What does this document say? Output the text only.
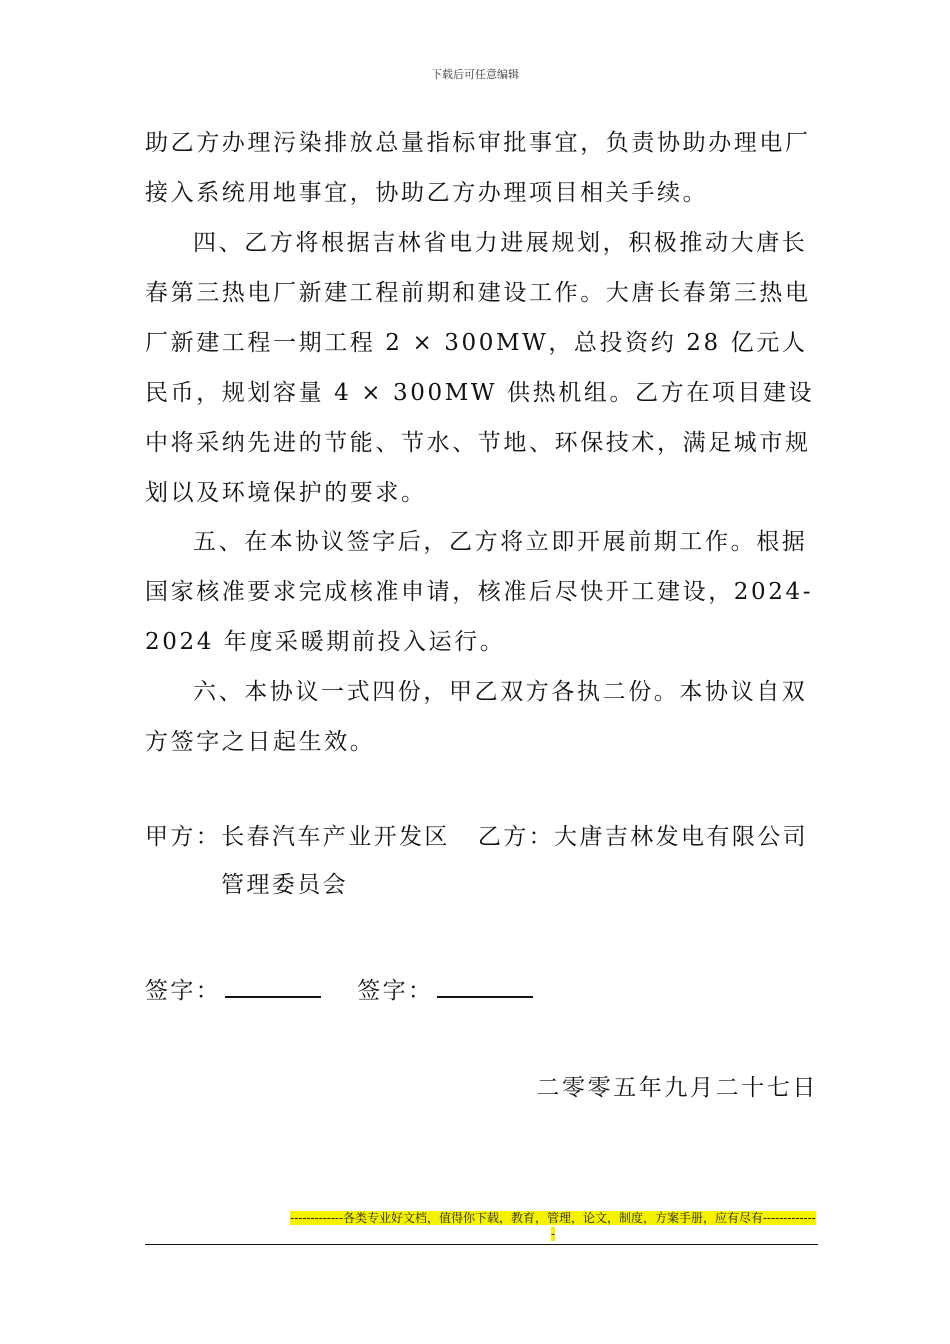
下载后可任意编辑

助乙方办理污染排放总量指标审批事宜，负责协助办理电厂接入系统用地事宜，协助乙方办理项目相关手续。

四、乙方将根据吉林省电力进展规划，积极推动大唐长春第三热电厂新建工程前期和建设工作。大唐长春第三热电厂新建工程一期工程 2 × 300MW，总投资约 28 亿元人民币，规划容量 4 × 300MW 供热机组。乙方在项目建设中将采纳先进的节能、节水、节地、环保技术，满足城市规划以及环境保护的要求。

五、在本协议签字后，乙方将立即开展前期工作。根据国家核准要求完成核准申请，核准后尽快开工建设，2024-2024 年度采暖期前投入运行。

六、本协议一式四份，甲乙双方各执二份。本协议自双方签字之日起生效。

甲方：长春汽车产业开发区 乙方：大唐吉林发电有限公司
管理委员会
签字：	签字：
二零零五年九月二十七日
-------------各类专业好文档，值得你下载，教育，管理，论文，制度，方案手册，应有尽有--------------
